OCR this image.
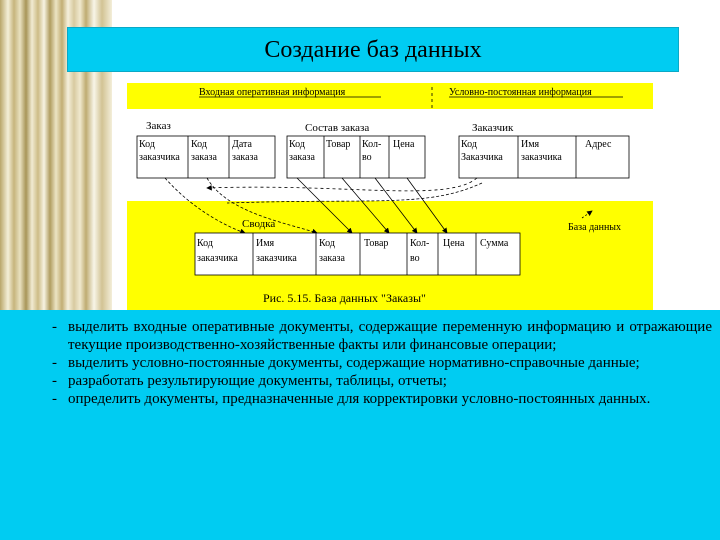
Создание баз данных
Входная оперативная информация	Условно-постоянная информация
Заказ
Код заказчика
Код заказа
Дата заказа
Состав заказа
Код заказа
Товар Кол-во
Цена
Заказчик
Код Заказчика
Имя заказчика
Адрес
Сводка
Код заказчика
Имя заказчика
Код заказа
Товар Кол-во
Цена Сумма
База данных
Рис. 5.15. База данных "Заказы"
- выделить входные оперативные документы, содержащие переменную информацию и отражающие текущие производственно-хозяйственные факты или финансовые операции;
- выделить условно-постоянные документы, содержащие нормативно-справочные данные;
- разработать результирующие документы, таблицы, отчеты;
- определить документы, предназначенные для корректировки условно-постоянных данных.
